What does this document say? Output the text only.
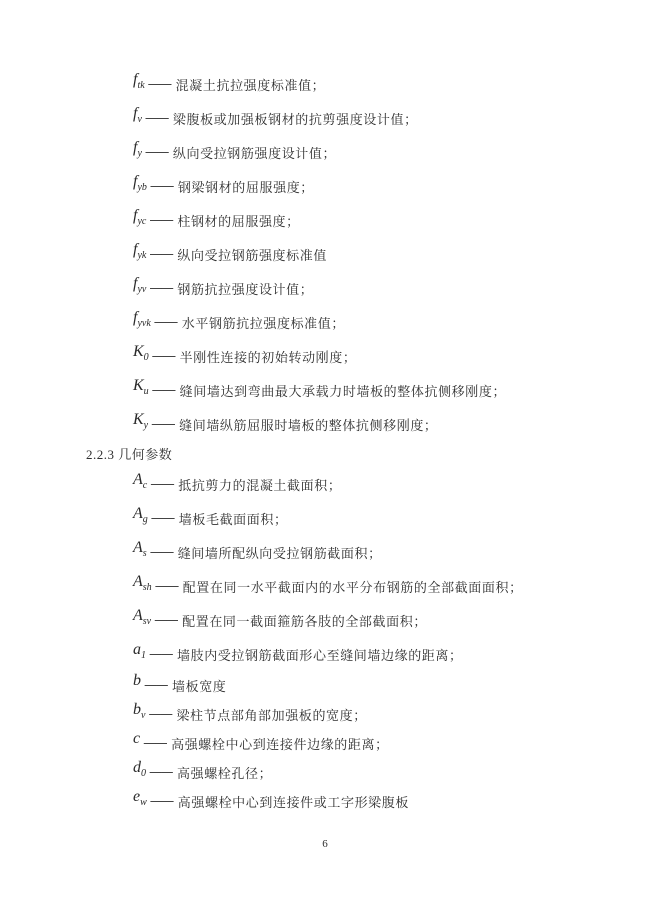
$f_{tk}$ —— 混凝土抗拉强度标准值；
$f_v$ —— 梁腹板或加强板钢材的抗剪强度设计值；
$f_y$ —— 纵向受拉钢筋强度设计值；
$f_{yb}$ —— 钢梁钢材的屈服强度；
$f_{yc}$ —— 柱钢材的屈服强度；
$f_{yk}$ —— 纵向受拉钢筋强度标准值
$f_{yv}$ —— 钢筋抗拉强度设计值；
$f_{yvk}$ —— 水平钢筋抗拉强度标准值；
$K_0$ —— 半刚性连接的初始转动刚度；
$K_u$ —— 缝间墙达到弯曲最大承载力时墙板的整体抗侧移刚度；
$K_y$ —— 缝间墙纵筋屈服时墙板的整体抗侧移刚度；
2.2.3 几何参数
$A_c$ —— 抵抗剪力的混凝土截面积；
$A_g$ —— 墙板毛截面面积；
$A_s$ —— 缝间墙所配纵向受拉钢筋截面积；
$A_{sh}$ —— 配置在同一水平截面内的水平分布钢筋的全部截面面积；
$A_{sv}$ —— 配置在同一截面箍筋各肢的全部截面积；
$a_1$ —— 墙肢内受拉钢筋截面形心至缝间墙边缘的距离；
b —— 墙板宽度
$b_v$ —— 梁柱节点部角部加强板的宽度；
c —— 高强螺栓中心到连接件边缘的距离；
$d_0$ —— 高强螺栓孔径；
$e_w$ —— 高强螺栓中心到连接件或工字形梁腹板
6
